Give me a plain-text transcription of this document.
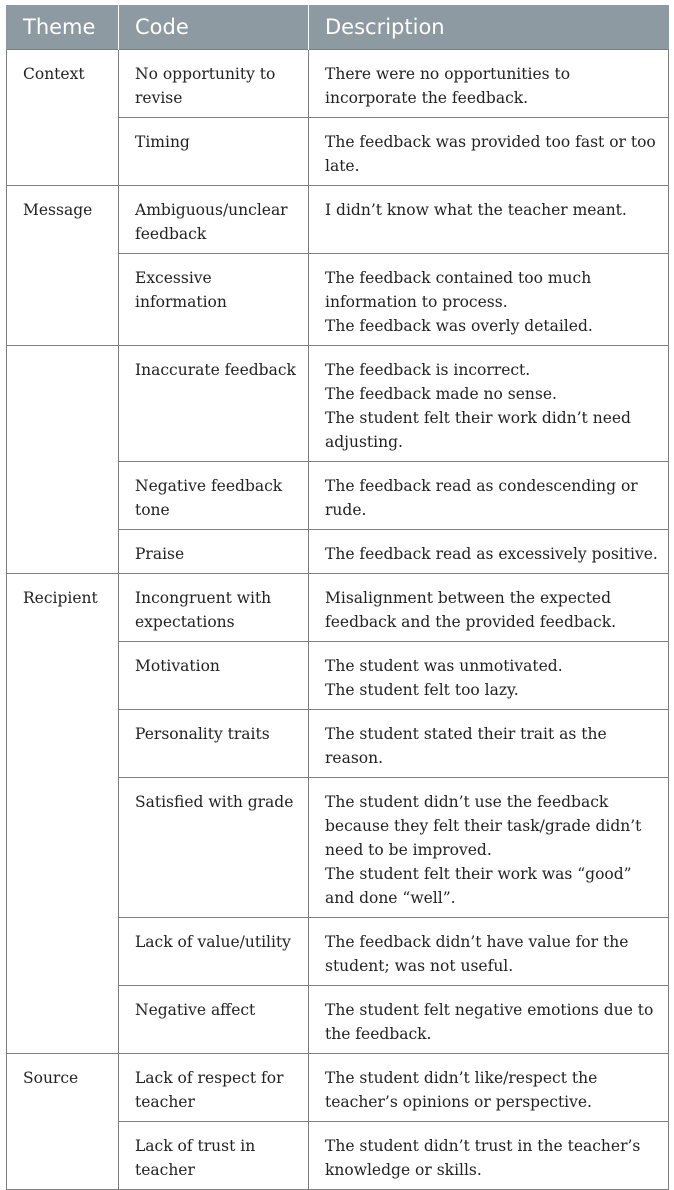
Theme	Code	Description
Context	No opportunity to revise	There were no opportunities to incorporate the feedback.

	Timing	The feedback was provided too fast or too late.

Message	Ambiguous/unclear feedback	I didn’t know what the teacher meant.

	Excessive information	The feedback contained too much information to process.
The feedback was overly detailed.

	Inaccurate feedback	The feedback is incorrect.
The feedback made no sense.
The student felt their work didn’t need adjusting.

	Negative feedback tone	The feedback read as condescending or rude.

	Praise	The feedback read as excessively positive.

Recipient	Incongruent with expectations	Misalignment between the expected feedback and the provided feedback.

	Motivation	The student was unmotivated.
The student felt too lazy.

	Personality traits	The student stated their trait as the reason.

	Satisfied with grade	The student didn’t use the feedback because they felt their task/grade didn’t need to be improved.
The student felt their work was “good” and done “well”.

	Lack of value/utility	The feedback didn’t have value for the student; was not useful.

	Negative affect	The student felt negative emotions due to the feedback.

Source	Lack of respect for teacher	The student didn’t like/respect the teacher’s opinions or perspective.

	Lack of trust in teacher	The student didn’t trust in the teacher’s knowledge or skills.
